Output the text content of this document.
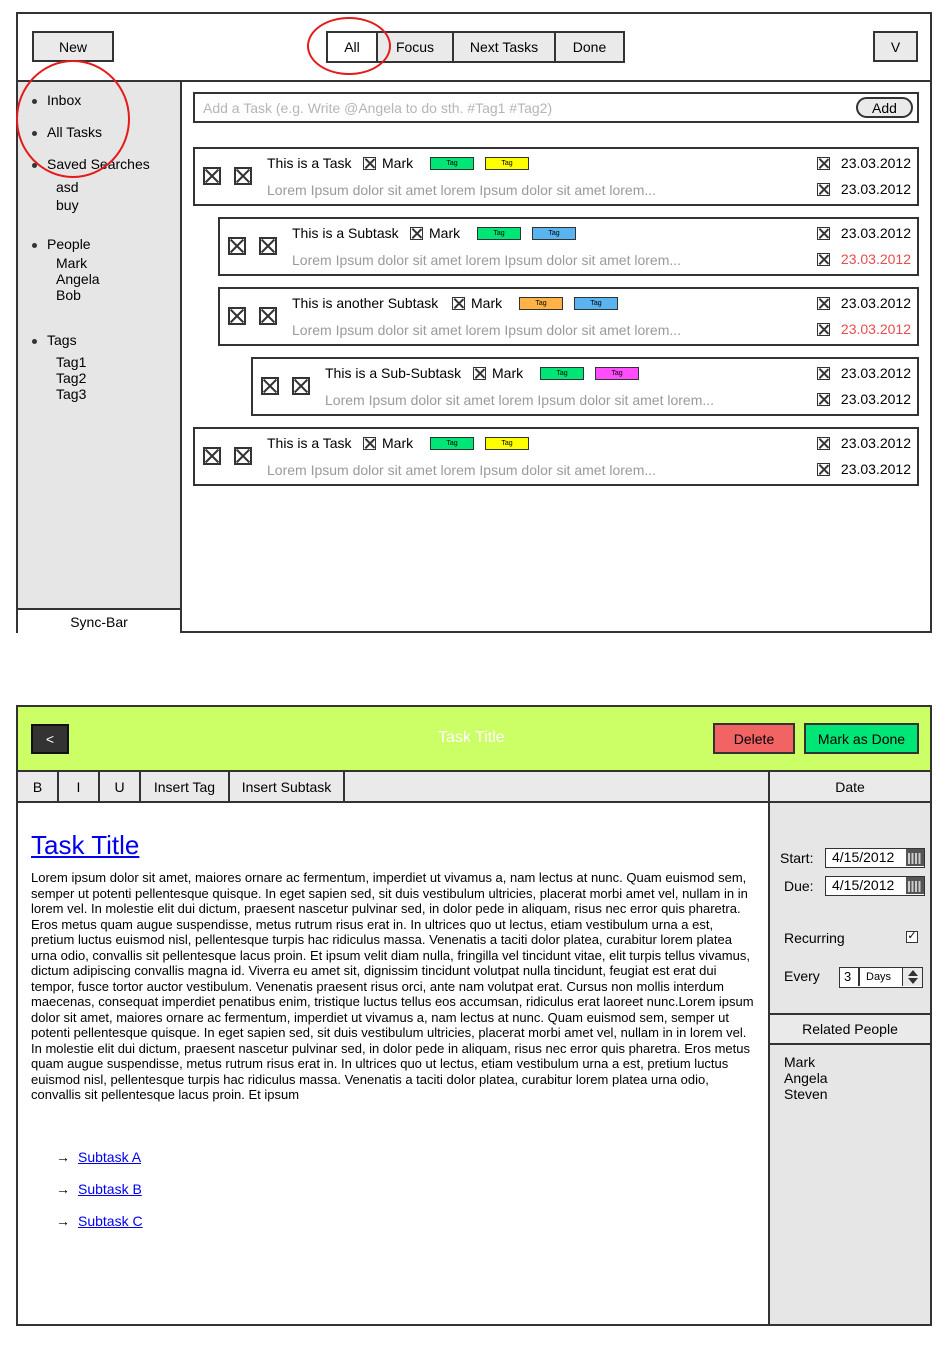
New	All	Focus	Next Tasks	Done	V
Inbox
All Tasks
Saved Searches
asd
buy
People
Mark
Angela
Bob
Tags
Tag1
Tag2
Tag3
Sync-Bar
Add a Task (e.g. Write @Angela to do sth. #Tag1 #Tag2)	Add
This is a Task Mark	Tag	Tag
Lorem Ipsum dolor sit amet lorem Ipsum dolor sit amet lorem...
23.03.2012
23.03.2012
This is a Subtask Mark	Tag	Tag
Lorem Ipsum dolor sit amet lorem Ipsum dolor sit amet lorem...
23.03.2012
23.03.2012
This is another Subtask Mark	Tag	Tag
Lorem Ipsum dolor sit amet lorem Ipsum dolor sit amet lorem...
23.03.2012
23.03.2012
This is a Sub-Subtask Mark	Tag	Tag
Lorem Ipsum dolor sit amet lorem Ipsum dolor sit amet lorem...
23.03.2012
23.03.2012
This is a Task Mark	Tag	Tag
Lorem Ipsum dolor sit amet lorem Ipsum dolor sit amet lorem...
23.03.2012
23.03.2012
<	Task Title	Delete	Mark as Done
B	I	U	Insert Tag	Insert Subtask
Task Title
Lorem ipsum dolor sit amet, maiores ornare ac fermentum, imperdiet ut vivamus a, nam lectus at nunc. Quam euismod sem, semper ut potenti pellentesque quisque. In eget sapien sed, sit duis vestibulum ultricies, placerat morbi amet vel, nullam in in lorem vel. In molestie elit dui dictum, praesent nascetur pulvinar sed, in dolor pede in aliquam, risus nec error quis pharetra. Eros metus quam augue suspendisse, metus rutrum risus erat in. In ultrices quo ut lectus, etiam vestibulum urna a est, pretium luctus euismod nisl, pellentesque turpis hac ridiculus massa. Venenatis a taciti dolor platea, curabitur lorem platea urna odio, convallis sit pellentesque lacus proin. Et ipsum velit diam nulla, fringilla vel tincidunt vitae, elit turpis tellus vivamus, dictum adipiscing convallis magna id. Viverra eu amet sit, dignissim tincidunt volutpat nulla tincidunt, feugiat est erat dui tempor, fusce tortor auctor vestibulum. Venenatis praesent risus orci, ante nam volutpat erat. Cursus non mollis interdum maecenas, consequat imperdiet penatibus enim, tristique luctus tellus eos accumsan, ridiculus erat laoreet nunc.Lorem ipsum dolor sit amet, maiores ornare ac fermentum, imperdiet ut vivamus a, nam lectus at nunc. Quam euismod sem, semper ut potenti pellentesque quisque. In eget sapien sed, sit duis vestibulum ultricies, placerat morbi amet vel, nullam in in lorem vel. In molestie elit dui dictum, praesent nascetur pulvinar sed, in dolor pede in aliquam, risus nec error quis pharetra. Eros metus quam augue suspendisse, metus rutrum risus erat in. In ultrices quo ut lectus, etiam vestibulum urna a est, pretium luctus euismod nisl, pellentesque turpis hac ridiculus massa. Venenatis a taciti dolor platea, curabitur lorem platea urna odio, convallis sit pellentesque lacus proin. Et ipsum
→ Subtask A
→ Subtask B
→ Subtask C
Date
Start:	4/15/2012
Due:	4/15/2012
Recurring	✓
Every 3 Days
Related People
Mark
Angela
Steven
